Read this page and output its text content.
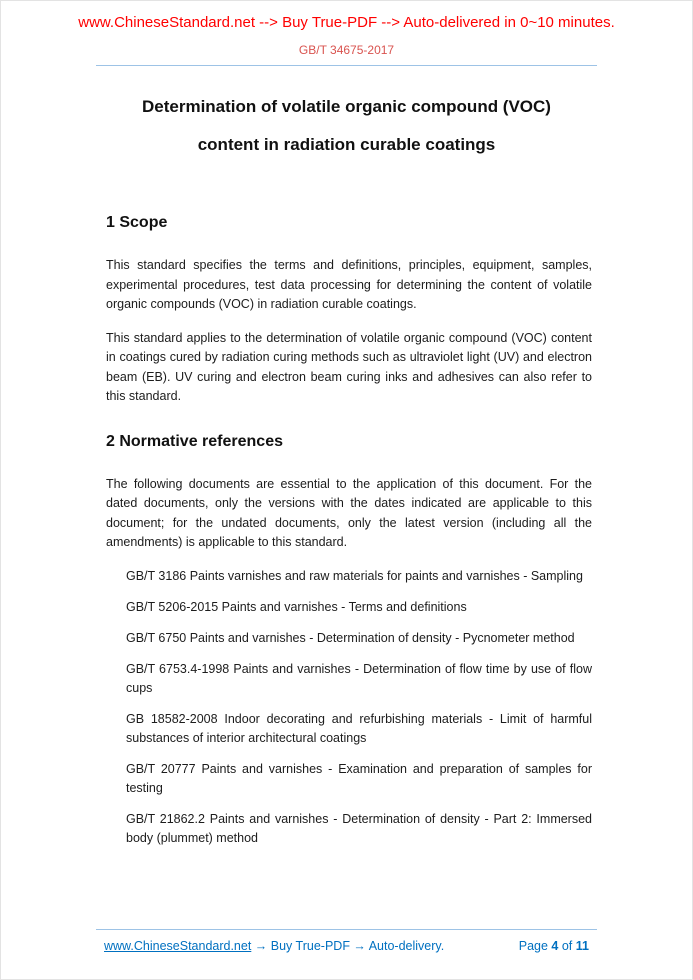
www.ChineseStandard.net --> Buy True-PDF --> Auto-delivered in 0~10 minutes.
GB/T 34675-2017
Determination of volatile organic compound (VOC)
content in radiation curable coatings
1 Scope

This standard specifies the terms and definitions, principles, equipment, samples, experimental procedures, test data processing for determining the content of volatile organic compounds (VOC) in radiation curable coatings.

This standard applies to the determination of volatile organic compound (VOC) content in coatings cured by radiation curing methods such as ultraviolet light (UV) and electron beam (EB). UV curing and electron beam curing inks and adhesives can also refer to this standard.

2 Normative references

The following documents are essential to the application of this document. For the dated documents, only the versions with the dates indicated are applicable to this document; for the undated documents, only the latest version (including all the amendments) is applicable to this standard.

GB/T 3186 Paints varnishes and raw materials for paints and varnishes - Sampling

GB/T 5206-2015 Paints and varnishes - Terms and definitions

GB/T 6750 Paints and varnishes - Determination of density - Pycnometer method

GB/T 6753.4-1998 Paints and varnishes - Determination of flow time by use of flow cups

GB 18582-2008 Indoor decorating and refurbishing materials - Limit of harmful substances of interior architectural coatings

GB/T 20777 Paints and varnishes - Examination and preparation of samples for testing

GB/T 21862.2 Paints and varnishes - Determination of density - Part 2: Immersed body (plummet) method

www.ChineseStandard.net → Buy True-PDF → Auto-delivery.	Page 4 of 11
